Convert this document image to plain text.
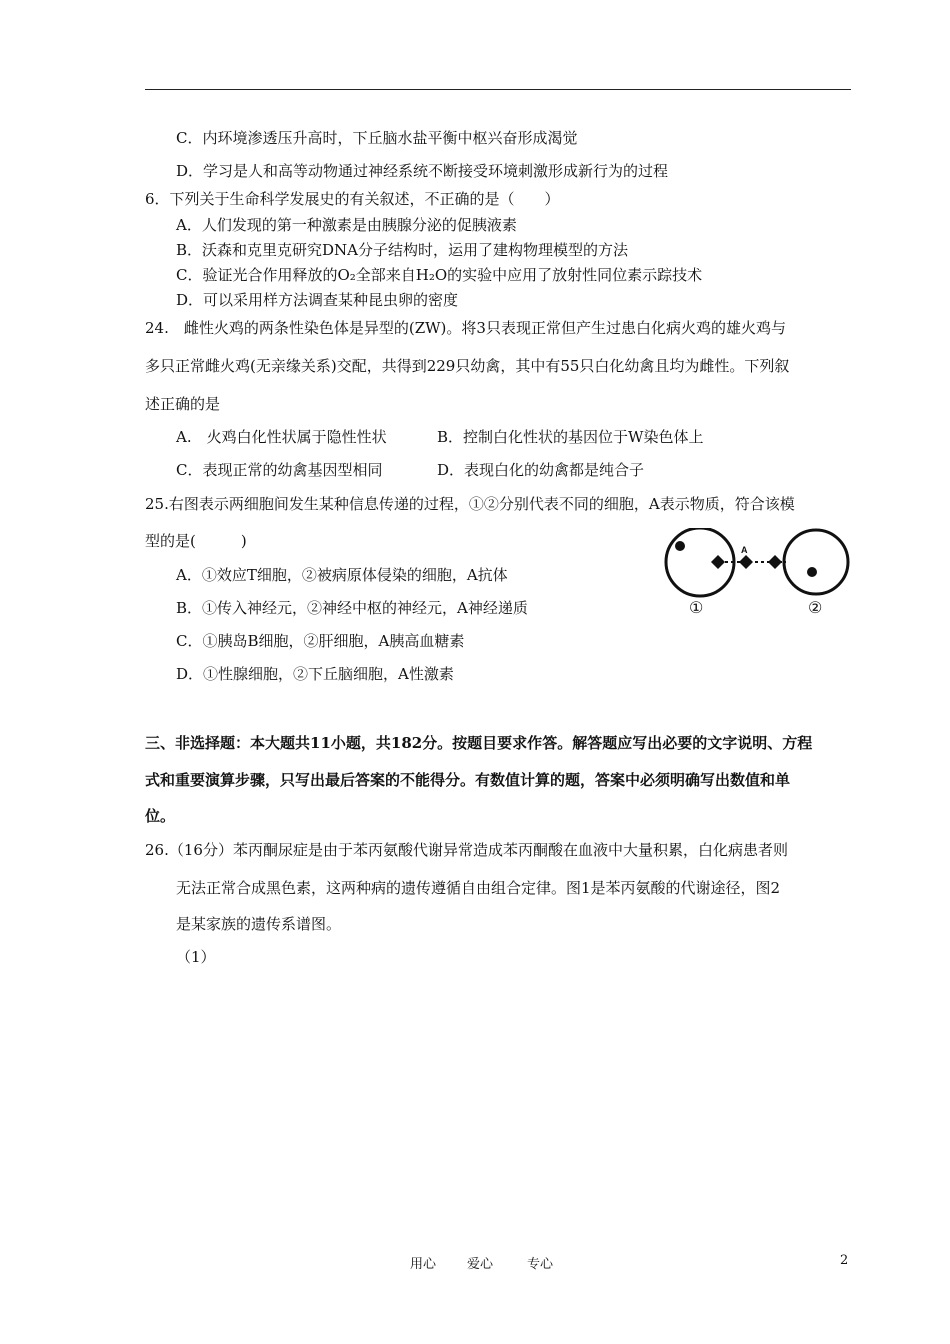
C．内环境渗透压升高时，下丘脑水盐平衡中枢兴奋形成渴觉
D．学习是人和高等动物通过神经系统不断接受环境刺激形成新行为的过程
6．下列关于生命科学发展史的有关叙述，不正确的是（　　）
A．人们发现的第一种激素是由胰腺分泌的促胰液素
B．沃森和克里克研究DNA分子结构时，运用了建构物理模型的方法
C．验证光合作用释放的O₂全部来自H₂O的实验中应用了放射性同位素示踪技术
D．可以采用样方法调查某种昆虫卵的密度
24.　雌性火鸡的两条性染色体是异型的(ZW)。将3只表现正常但产生过患白化病火鸡的雄火鸡与
多只正常雌火鸡(无亲缘关系)交配，共得到229只幼禽，其中有55只白化幼禽且均为雌性。下列叙
述正确的是
A.　火鸡白化性状属于隐性性状	B．控制白化性状的基因位于W染色体上
C．表现正常的幼禽基因型相同	D．表现白化的幼禽都是纯合子
25.右图表示两细胞间发生某种信息传递的过程，①②分别代表不同的细胞，A表示物质，符合该模
型的是(　　　)
A．①效应T细胞，②被病原体侵染的细胞，A抗体
B．①传入神经元，②神经中枢的神经元，A神经递质
C．①胰岛B细胞，②肝细胞，A胰高血糖素
D．①性腺细胞，②下丘脑细胞，A性激素
A
①	②
三、非选择题：本大题共11小题，共182分。按题目要求作答。解答题应写出必要的文字说明、方程
式和重要演算步骤，只写出最后答案的不能得分。有数值计算的题，答案中必须明确写出数值和单
位。
26.（16分）苯丙酮尿症是由于苯丙氨酸代谢异常造成苯丙酮酸在血液中大量积累，白化病患者则
无法正常合成黑色素，这两种病的遗传遵循自由组合定律。图1是苯丙氨酸的代谢途径，图2
是某家族的遗传系谱图。
（1）
用心 爱心	专心	2
